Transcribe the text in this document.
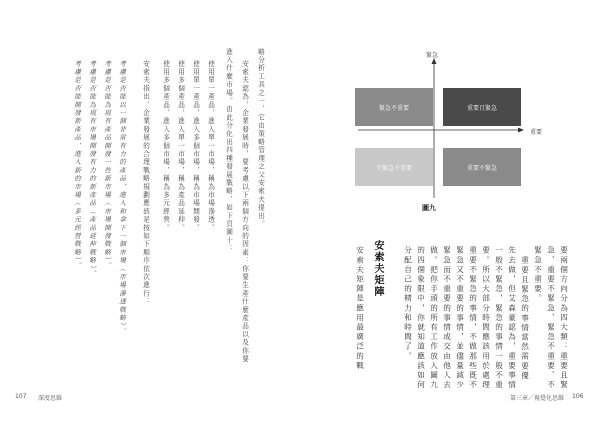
略分析工具之一，它由策略管理之父安索夫提出。
安索夫認為，企業發展時，要考慮以下兩個方向的因素：你要生產什麼產品以及你要
進入什麼市場。由此分化出四種發展戰略，如下頁圖十：
使用單一產品，進入單一市場，稱為市場滲透。
使用單一產品，進入多個市場，稱為市場開發。
使用多個產品，進入單一市場，稱為產品延伸。
使用多個產品，進入多個市場，稱為多元經營。
安索夫指出，企業發展的合理戰略規劃應該是按如下順序依次進行：
考慮是否能以一個非常有力的產品，進入和拿下一個市場（市場滲透戰略）。
考慮是否能為現有產品開發一些新市場（市場開發戰略）。
考慮是否能為現有市場開發有力的新產品（產品延伸戰略）。
考慮是否能開發新產品，進入新的市場（多元經營戰略）。
107 深度思維
緊急
重要
緊急不重要	重要且緊急
不緊急不重要	重要不緊急
圖九
要兩個方向分為四大類：重要且緊
急、重要不緊急、緊急不重要、不
緊急不重要。
重要且緊急的事情當然需要優
先去做，但艾森豪認為，重要事情
一般不緊急，緊急的事情一般不重
要。所以大部分時間應該用於處理
重要不緊急的事情，不做那些既不
緊急又不重要的事情，並儘量減少
緊急而不重要的事情或交由他人去
做。把你手頭的所有工作放入圖九
的四個象限中，你就知道應該如何
分配自己的精力和時間了。
安索夫矩陣
安索夫矩陣是應用最廣泛的戰
第三章／視覺化思維 106
